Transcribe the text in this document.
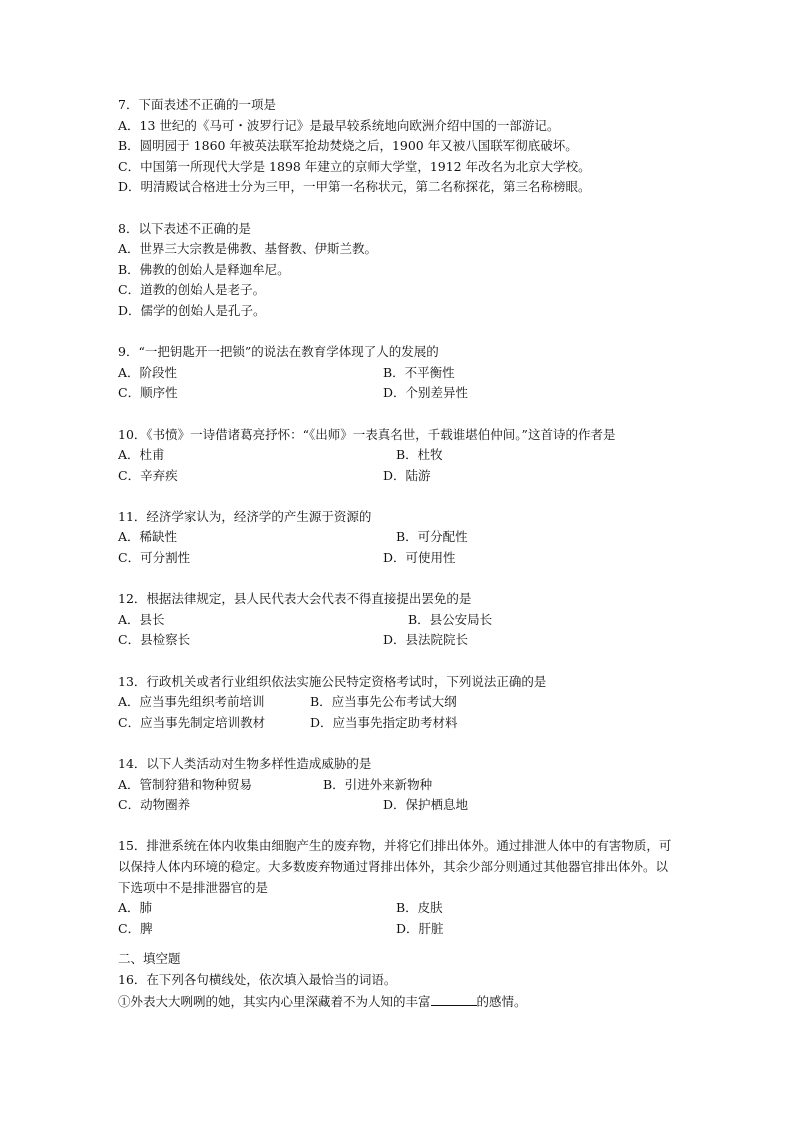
7．下面表述不正确的一项是
A．13 世纪的《马可・波罗行记》是最早较系统地向欧洲介绍中国的一部游记。
B．圆明园于 1860 年被英法联军抢劫焚烧之后，1900 年又被八国联军彻底破坏。
C．中国第一所现代大学是 1898 年建立的京师大学堂，1912 年改名为北京大学校。
D．明清殿试合格进士分为三甲，一甲第一名称状元，第二名称探花，第三名称榜眼。
8．以下表述不正确的是
A．世界三大宗教是佛教、基督教、伊斯兰教。
B．佛教的创始人是释迦牟尼。
C．道教的创始人是老子。
D．儒学的创始人是孔子。
9．“一把钥匙开一把锁”的说法在教育学体现了人的发展的
A．阶段性	B．不平衡性
C．顺序性	D．个别差异性
10．《书愤》一诗借诸葛亮抒怀：“《出师》一表真名世，千载谁堪伯仲间。”这首诗的作者是
A．杜甫	B．杜牧
C．辛弃疾	D．陆游
11．经济学家认为，经济学的产生源于资源的
A．稀缺性	B．可分配性
C．可分割性	D．可使用性
12．根据法律规定，县人民代表大会代表不得直接提出罢免的是
A．县长	B．县公安局长
C．县检察长	D．县法院院长
13．行政机关或者行业组织依法实施公民特定资格考试时，下列说法正确的是
A．应当事先组织考前培训	B．应当事先公布考试大纲
C．应当事先制定培训教材	D．应当事先指定助考材料
14．以下人类活动对生物多样性造成威胁的是
A．管制狩猎和物种贸易	B．引进外来新物种
C．动物圈养	D．保护栖息地
15．排泄系统在体内收集由细胞产生的废弃物，并将它们排出体外。通过排泄人体中的有害物质，可以保持人体内环境的稳定。大多数废弃物通过肾排出体外，其余少部分则通过其他器官排出体外。以下选项中不是排泄器官的是
A．肺	B．皮肤
C．脾	D．肝脏
二、填空题
16．在下列各句横线处，依次填入最恰当的词语。
①外表大大咧咧的她，其实内心里深藏着不为人知的丰富	的感情。
